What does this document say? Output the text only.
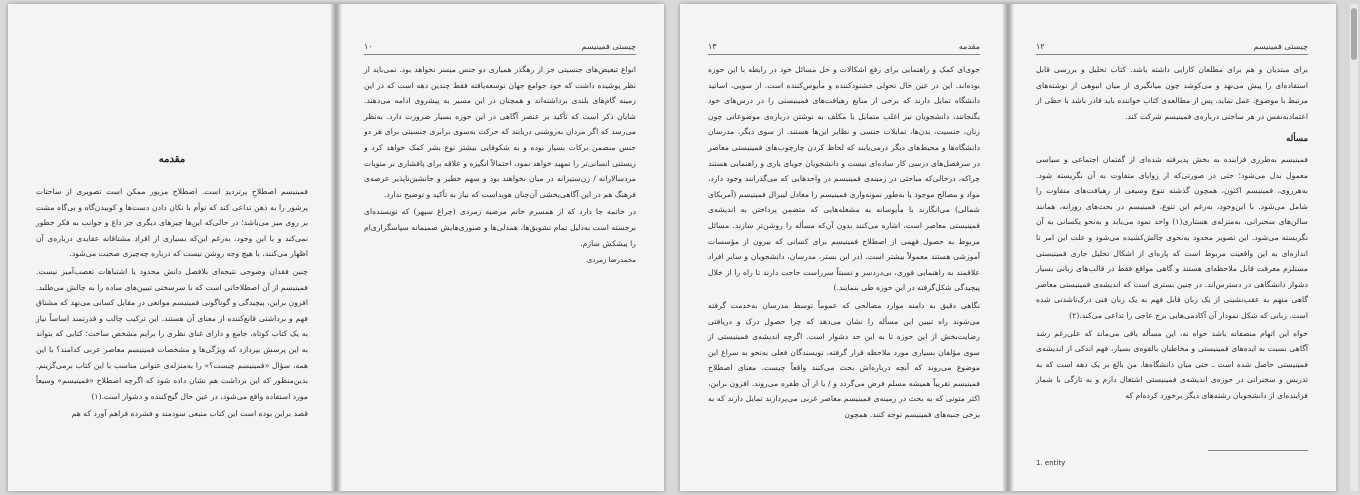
مقدمه

فمینیسم اصطلاحِ پرتردیدِ است. اصطلاح مزبور ممکن است تصویری از ساحتات پرشور را به ذهن تداعی کند که توأم با تکان دادن دست‌ها و کوبیدن‌گاه و بی‌گاه مشت بر روی میز می‌باشد؛ در حالی‌که این‌ها چیزهای دیگری جز داغ و جوانب به فکر خطور نمی‌کند و با این وجود، به‌رغم این‌که بسیاری از افراد مشتاقانه عقایدی درباره‌ی آن اظهار می‌کنند، با هیچ وجه روشن نیست که درباره چه‌چیزی صحبت می‌شود.

چنین فقدان وضوحی نتیجه‌ای بلافصل دانش محدود یا اشتباهات تعصب‌آمیز نیست. فمینیسم از آن اصطلاحاتی است که با سرسختی تبیین‌های ساده را به چالش می‌طلبد. افزون براین، پیچیدگی و گوناگونی فمینیسم موانعی در مقابل کسانی می‌نهد که مشتاق فهم و برداشتی قانع‌کننده از معنای آن هستند. این ترکیب چالب و قدرتمند اساساً نیاز به یک کتاب کوتاه، جامع و دارای غنای نظری را برایم مشخص ساخت؛ کتابی که بتواند به این پرسش بپردازد که ویژگی‌ها و مشخصات فمینیسم معاصر عربی کدامند؟ با این همه، سؤال «فمینیسم چیست؟» را به‌منزله‌ی عنوانی مناسب با این کتاب برمی‌گزینم. بدین‌منظور که این برداشت هم نشان داده شود که اگرچه اصطلاح «فمینیسم» وسیعاً مورد استفاده واقع می‌شود، در عین حال گیج‌کننده و دشوار است.(۱)

قصد براین بوده است این کتاب منبعی سودمند و فشرده فراهم آورد که هم

چیستی فمینیسم
١٠

انواع تبعیض‌های جنسیتی جز از رهگذر همیاری دو جنس میسر نخواهد بود. نمی‌باید از نظر پوشیده داشت که خود جوامع جهان توسعه‌یافته فقط چندین دهه است که در این زمینه گام‌های بلندی برداشته‌اند و همچنان در این مسیر به پیشروی ادامه می‌دهند. شایان ذکر است که تأکید بر عنصر آگاهی در این حوزه بسیار ضرورت دارد. به‌نظر می‌رسد که اگر مردان به‌روشنی دریابند که حرکت به‌سوی برابری جنسیتی برای هر دو جنس منضمن برکات بسیار بوده و به شکوفایی بیشتر نوع بشر کمک خواهد کرد و زیستنی انسانی‌تر را تمهید خواهد نمود، احتمالاً انگیزه و علاقه برای پافشاری بر منویات مردسالارانه / زن‌ستیزانه در میان نخواهند بود و سهم خطیر و جانشین‌ناپذیر عرصه‌ی فرهنگ هم در این آگاهی‌بخشی آن‌چنان هویداست که نیاز به تأکید و توضیح ندارد.

در خاتمه جا دارد که از همسرم خانم مرضیه زمردی (چراغ سپهر) که نویسنده‌ای برجسته است به‌دلیل تمام تشویق‌ها، همدلی‌ها و صبوری‌هایش صمیمانه سپاسگزاری‌ام را پیشکش سازم.

محمدرضا زمردی

مقدمه
١٣

جوی‌ای کمک و راهنمایی برای رفع اشکالات و حل مسائل خود در رابطه با این حوزه بوده‌اند. این در عین حال تحولی خشنودکننده و مأیوس‌کننده است. از سویی، اساتید دانشگاه تمایل دارند که برخی از منابع رهیافت‌های فمینیستی را در درس‌های خود بگنجانند، دانشجویان نیز اغلب متمایل یا مکلف به نوشتن درباره‌ی موضوعاتی چون زنان، جنسیت، بدن‌ها، تمایلات جنسی و نظایر این‌ها هستند. از سوی دیگر، مدرسان دانشگاه‌ها و محیط‌های دیگر درمی‌یابند که لحاظ کردن چارچوب‌های فمینیستی معاصر در سرفصل‌های درسی کار ساده‌ای نیست و دانشجویان جویای یاری و راهنمایی هستند چراکه، درحالی‌که مباحثی در زمینه‌ی فمینیسم در واحدهایی که می‌گذرانند وجود دارد، مواد و مصالح موجود یا به‌طور نمونه‌واری فمینیسم را معادل لیبرال فمینیسم (آمریکای شمالی) می‌انگارند یا مأیوسانه به مشغله‌هایی که متضمن پرداختن به اندیشه‌ی فمینیستی معاصر است، اشاره می‌کنند بدون آن‌که مسأله را روشن‌تر سازند. مسائل مربوط به حصول فهمی از اصطلاح فمینیسم برای کسانی که بیرون از مؤسسات آموزشی هستند معمولاً بیشتر است. (در این بستر، مدرسان، دانشجویان و سایر افراد علاقمند به راهنمایی فوری، بی‌دردسر و نسبتاً سرراست حاجت دارند تا راه را از خلال پیچیدگی شکل‌گرفته در این حوزه طی بنمایند.)

نگاهی دقیق به دامنه موارد مصالحی که عموماً توسط مدرسان به‌خدمت گرفته می‌شوند راه تبیین این مسأله را نشان می‌دهد که چرا حصول درک و دریافتی رضایت‌بخش از این حوزه تا به این حد دشوار است. اگرچه اندیشه‌ی فمینیستی از سوی مؤلفان بسیاری مورد ملاحظه قرار گرفته، نویسندگان فعلی به‌نحو به سراغ این موضوع می‌روند که آنچه درباره‌اش بحث می‌کنند واقعاً چیست. معنای اصطلاح فمینیسم تقریباً همیشه مسلم فرض می‌گردد و / یا از آن طفره می‌روند. افزون براین، اکثر متونی که به بحث در زمینه‌ی فمینیسم معاصر غربی می‌پردازند تمایل دارند که به برخی جنبه‌های فمینیسم توجه کنند. همچون

چیستی فمینیسم
١٢

برای مبتدیان و هم برای مطلعان کارایی داشته باشد. کتاب تحلیل و بررسی قابل استفاده‌ای را پیش می‌نهد و می‌کوشد چون میانگیری از میان انبوهی از نوشته‌های مرتبط با موضوع، عمل نماید. پس از مطالعه‌ی کتاب خواننده باید قادر باشد با حظی از اعتمادبه‌نفس در هر ساحتی درباره‌ی فمینیسم شرکت کند.

مسأله

فمینیسم به‌طرزی فزاینده به بخش پذیرفته شده‌ای از گفتمان اجتماعی و سیاسی معمول بدل می‌شود؛ حتی در صورتی‌که از زوایای متفاوت به آن نگریسته شود. به‌هرروی، فمینیسم اکنون، همچون گذشته تنوع وسیعی از رهیافت‌های متفاوت را شامل می‌شود. با این‌وجود، به‌رغم این تنوع، فمینیسم در بحث‌های روزانه، همانند سالن‌های سخنرانی، به‌منزله‌ی هستاری(۱) واحد نمود می‌یابد و به‌نحو یکسانی به آن نگریسته می‌شود. این تصویر محدود به‌نحوی چالش‌کشیده می‌شود و علت این امر تا اندازه‌ای به این واقعیت مربوط است که پاره‌ای از اشکال تحلیل جاری فمینیستی مستلزم معرفت قابل ملاحظه‌ای هستند و گاهی مواقع فقط در قالب‌های زبانی بسیار دشوار دانشگاهی در دسترس‌اند. در چنین بستری است که اندیشه‌ی فمینیستی معاصر گاهی متهم به عقب‌نشینی از یک زبان قابل فهم به یک زبان فنی درک‌ناشدنی شده است. زبانی که شکل نمودار آن آکادمی‌هایی برج عاجی را تداعی می‌کند.(۲)

خواه این اتهام منصفانه باشد خواه نه، این مسأله باقی می‌ماند که علی‌رغم رشد آگاهی نسبت به ایده‌های فمینیستی و مخاطبان بالقوه‌ی بسیار، فهم اندکی از اندیشه‌ی فمینیستی حاصل شده است ـ حتی میان دانشگاه‌ها. من بالغ بر یک دهه است که به تدریس و سخنرانی در حوزه‌ی اندیشه‌ی فمینیستی اشتغال دارم و به تازگی با شمار فزاینده‌ای از دانشجویان رشته‌های دیگر برخورد کرده‌ام که

1. entity
